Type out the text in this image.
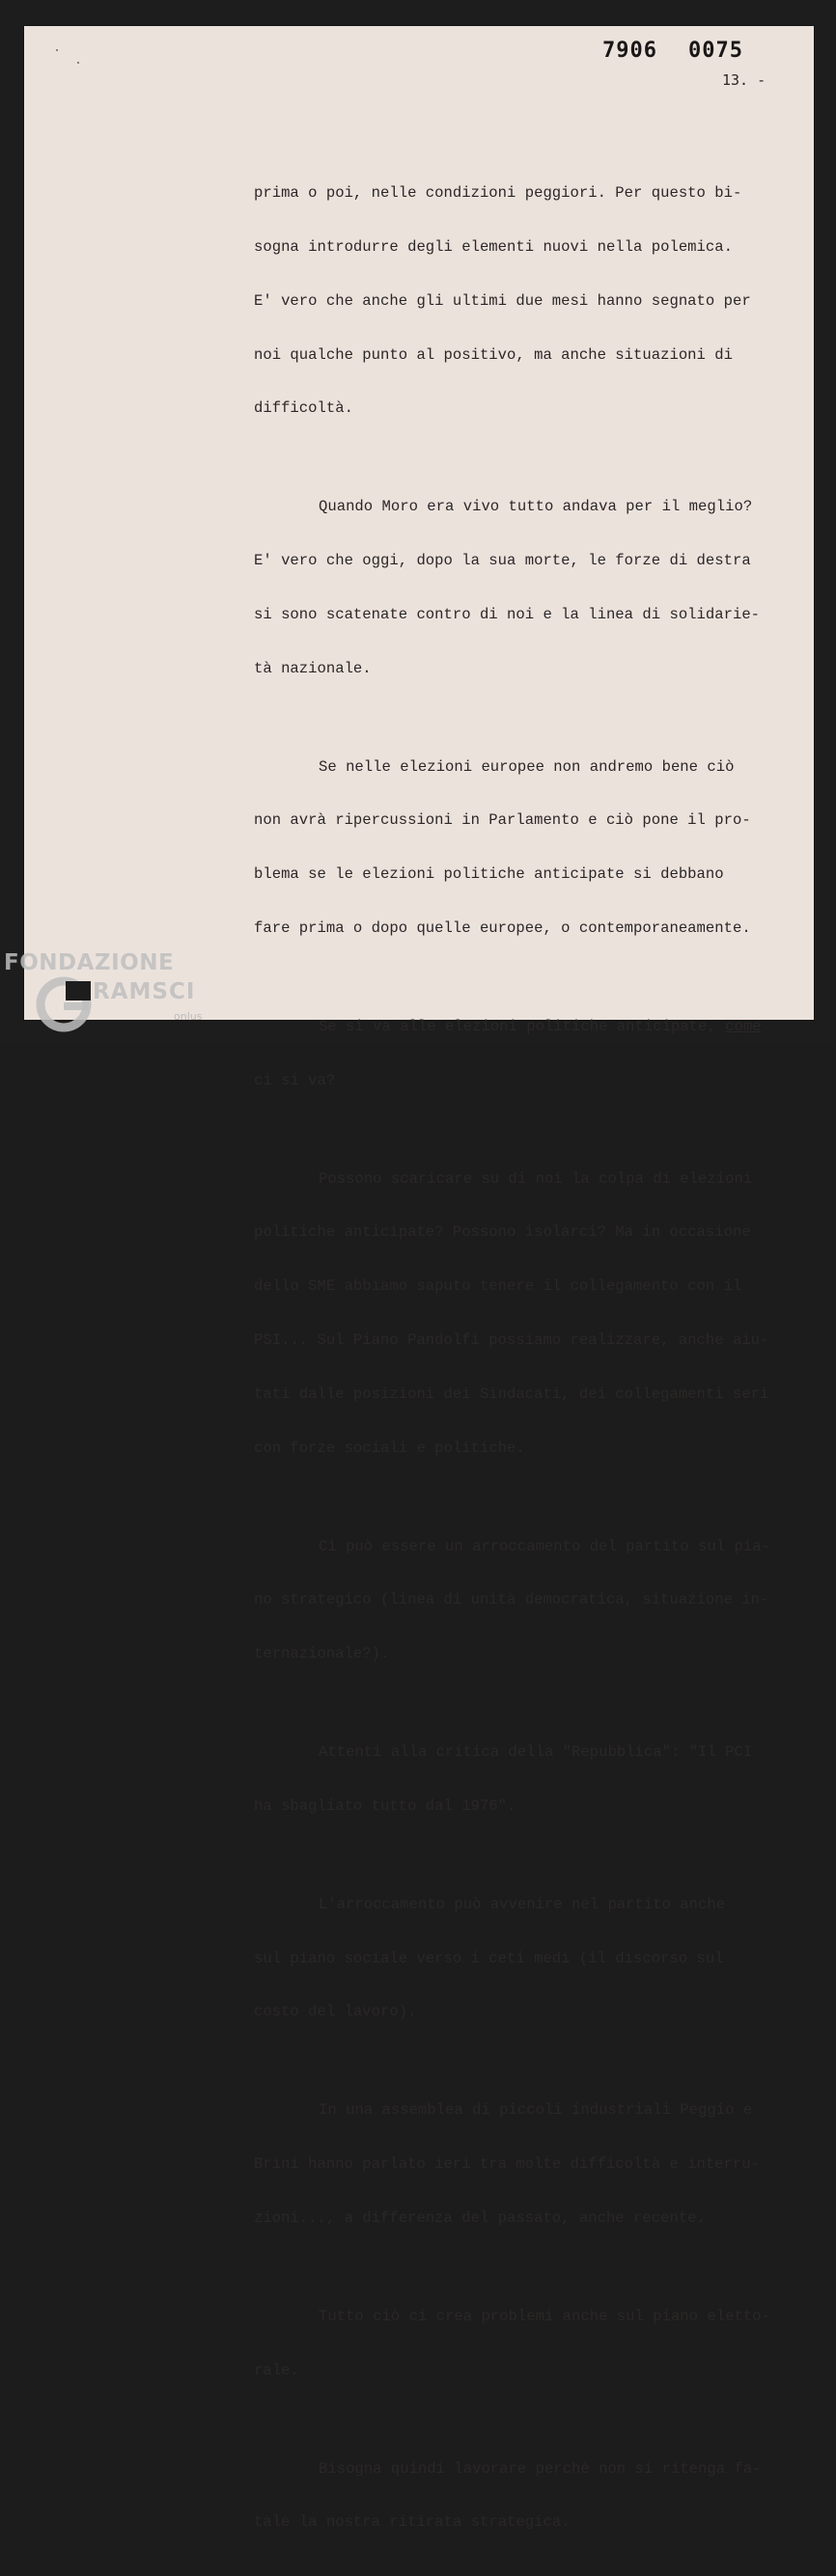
7906 0075
13. -

prima o poi, nelle condizioni peggiori. Per questo bi-

sogna introdurre degli elementi nuovi nella polemica.

E' vero che anche gli ultimi due mesi hanno segnato per

noi qualche punto al positivo, ma anche situazioni di

difficoltà.

Quando Moro era vivo tutto andava per il meglio?

E' vero che oggi, dopo la sua morte, le forze di destra

si sono scatenate contro di noi e la linea di solidarie-

tà nazionale.

Se nelle elezioni europee non andremo bene ciò

non avrà ripercussioni in Parlamento e ciò pone il pro-

blema se le elezioni politiche anticipate si debbano

fare prima o dopo quelle europee, o contemporaneamente.

Se si va alle elezioni politiche anticipate, come

ci si va?

Possono scaricare su di noi la colpa di elezioni

politiche anticipate? Possono isolarci? Ma in occasione

dello SME abbiamo saputo tenere il collegamento con il

PSI... Sul Piano Pandolfi possiamo realizzare, anche aiu-

tati dalle posizioni dei Sindacati, dei collegamenti seri

con forze sociali e politiche.

Ci può essere un arroccamento del partito sul pia-

no strategico (linea di unità democratica, situazione in-

ternazionale?).

Attenti alla critica della "Repubblica": "Il PCI

ha sbagliato tutto dal 1976".

L'arroccamento può avvenire nel partito anche

sul piano sociale verso i ceti medi (il discorso sul

costo del lavoro).

In una assemblea di piccoli industriali Peggio e

Brini hanno parlato ieri tra molte difficoltà e interru-

zioni..., a differenza del passato, anche recente.

Tutto ciò ci crea problemi anche sul piano eletto-

rale.

Bisogna quindi lavorare perchè non si ritenga fa-

tale la nostra ritirata strategica.

FONDAZIONE
RAMSCI
onlus
